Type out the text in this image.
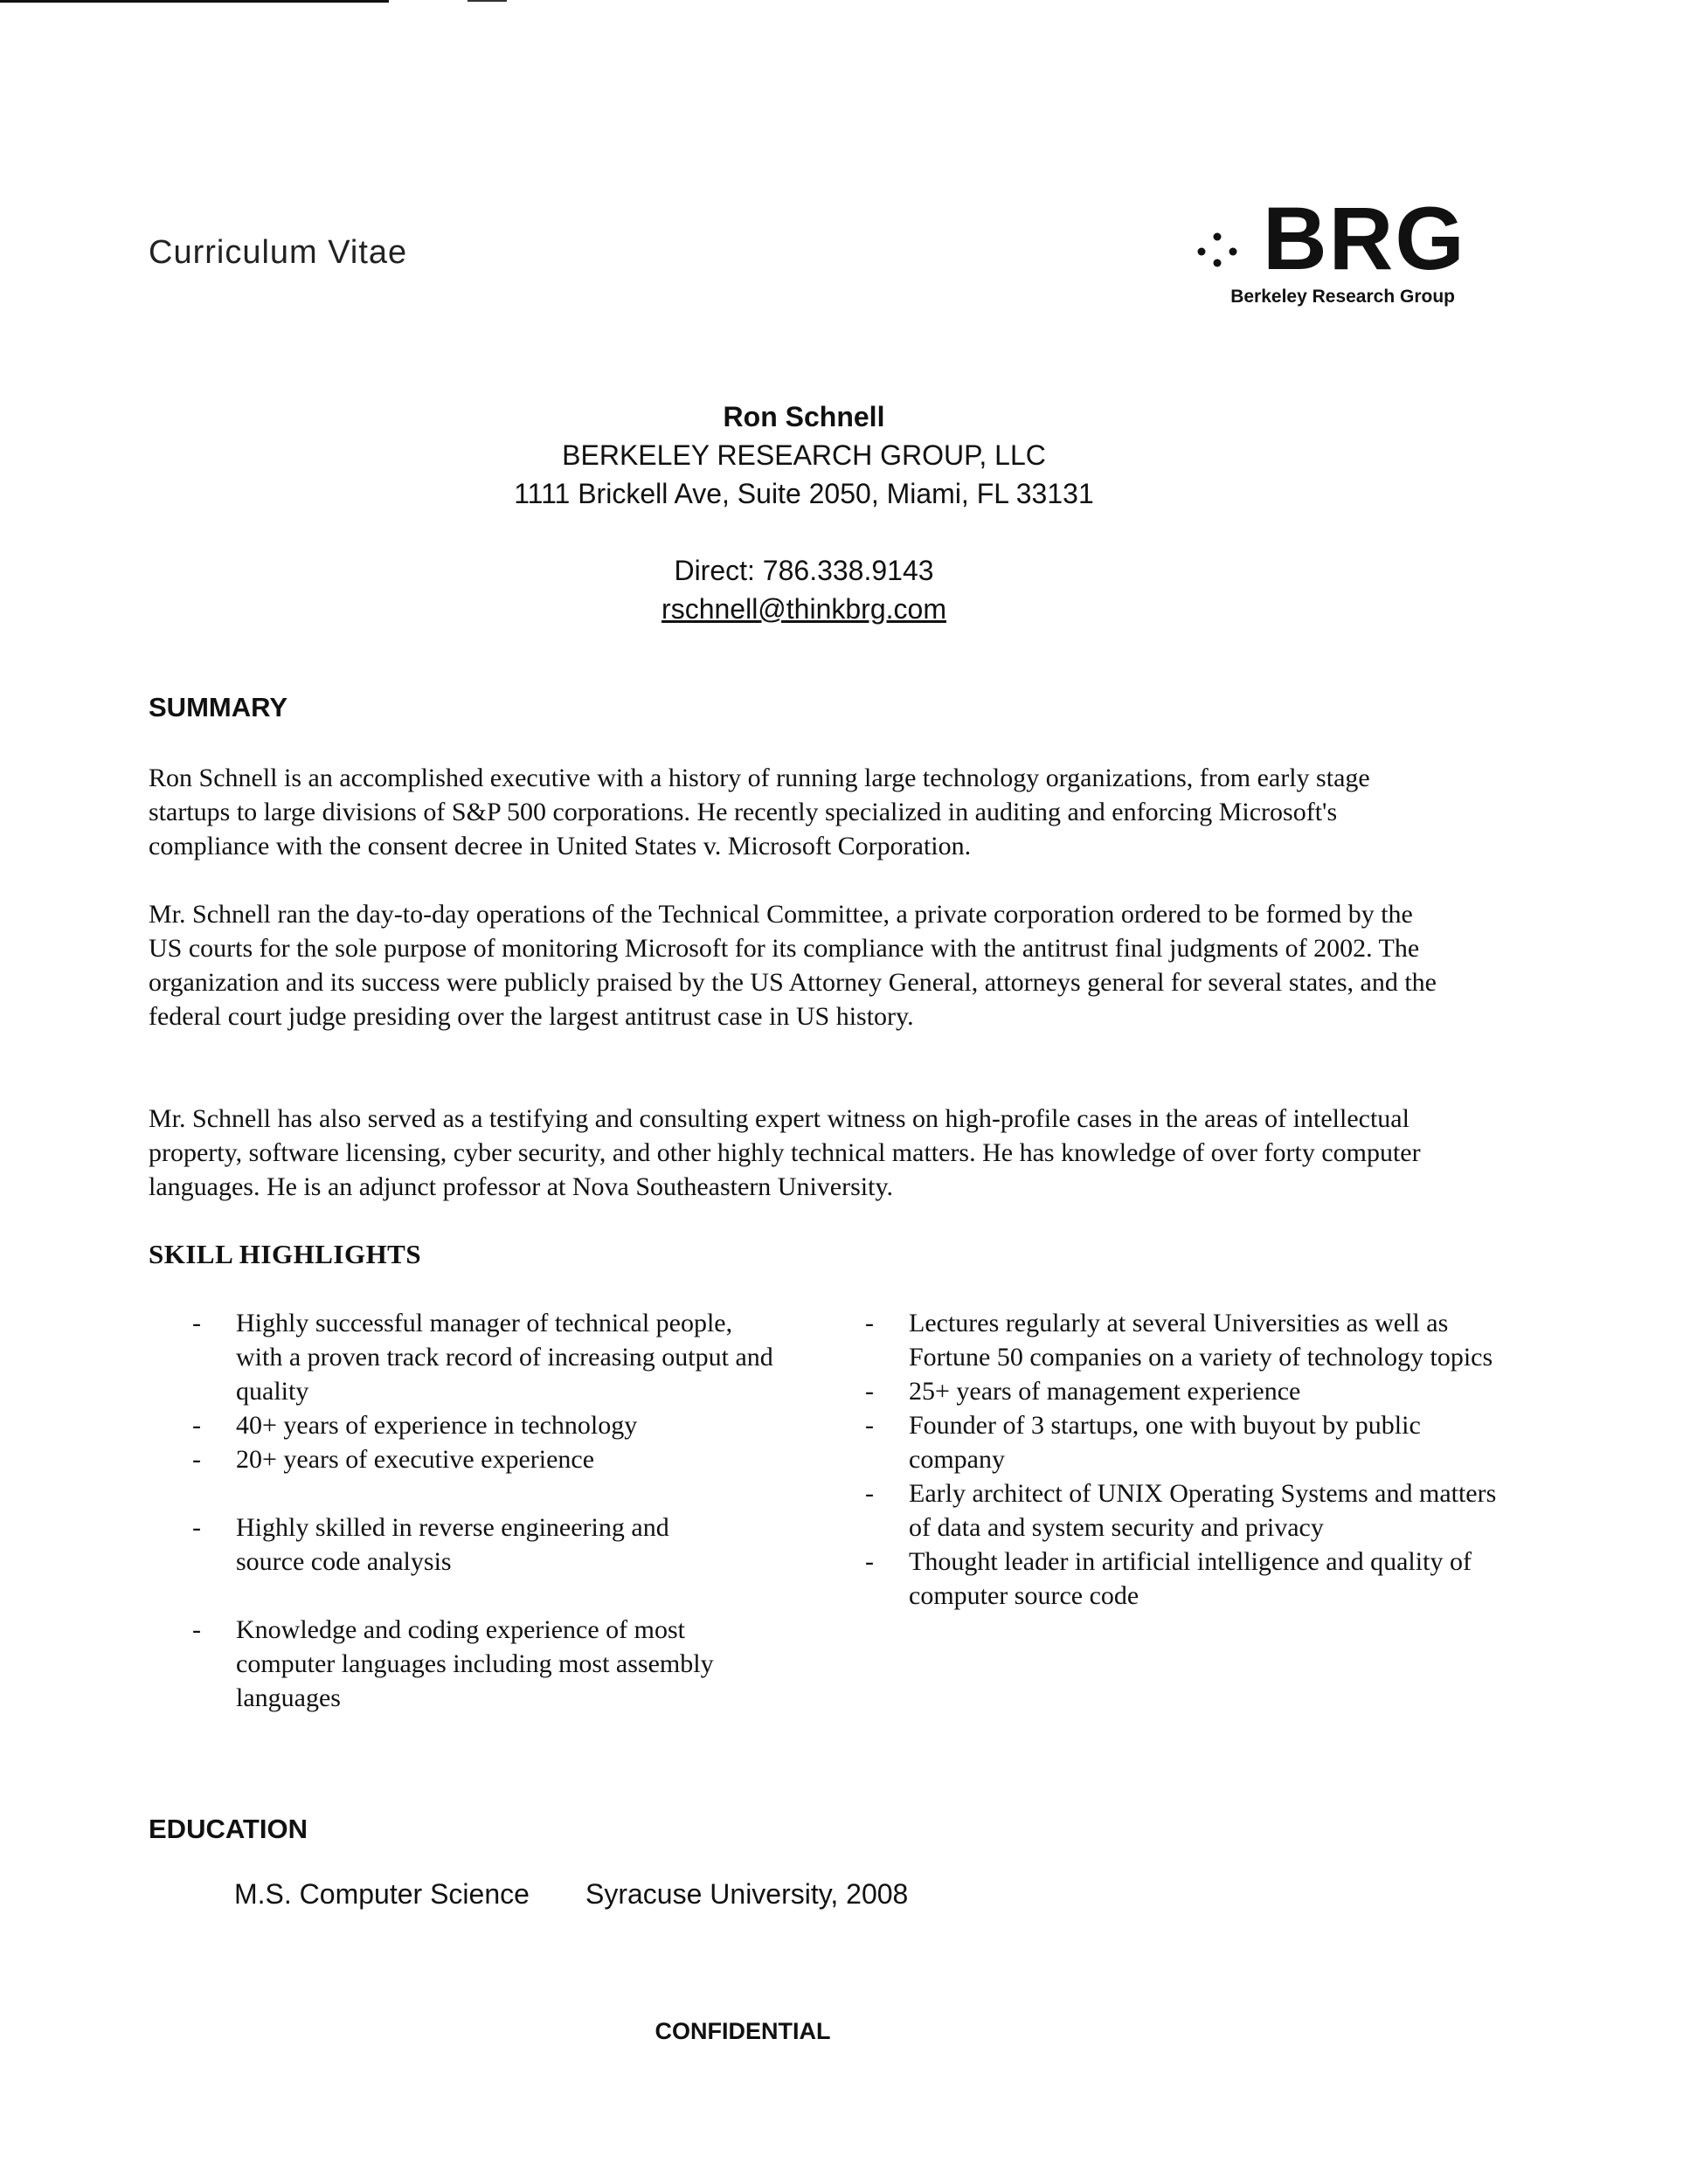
Curriculum Vitae	BRG
Berkeley Research Group
Ron Schnell
BERKELEY RESEARCH GROUP, LLC
1111 Brickell Ave, Suite 2050, Miami, FL 33131
Direct: 786.338.9143
rschnell@thinkbrg.com
SUMMARY

Ron Schnell is an accomplished executive with a history of running large technology organizations, from early stage startups to large divisions of S&P 500 corporations. He recently specialized in auditing and enforcing Microsoft's compliance with the consent decree in United States v. Microsoft Corporation.

Mr. Schnell ran the day-to-day operations of the Technical Committee, a private corporation ordered to be formed by the US courts for the sole purpose of monitoring Microsoft for its compliance with the antitrust final judgments of 2002. The organization and its success were publicly praised by the US Attorney General, attorneys general for several states, and the federal court judge presiding over the largest antitrust case in US history.

Mr. Schnell has also served as a testifying and consulting expert witness on high-profile cases in the areas of intellectual property, software licensing, cyber security, and other highly technical matters. He has knowledge of over forty computer languages. He is an adjunct professor at Nova Southeastern University.

SKILL HIGHLIGHTS
- Highly successful manager of technical people, with a proven track record of increasing output and quality
- 40+ years of experience in technology
- 20+ years of executive experience
- Highly skilled in reverse engineering and source code analysis
- Knowledge and coding experience of most computer languages including most assembly languages
- Lectures regularly at several Universities as well as Fortune 50 companies on a variety of technology topics
- 25+ years of management experience
- Founder of 3 startups, one with buyout by public company
- Early architect of UNIX Operating Systems and matters of data and system security and privacy
- Thought leader in artificial intelligence and quality of computer source code
EDUCATION
M.S. Computer Science Syracuse University, 2008
CONFIDENTIAL
